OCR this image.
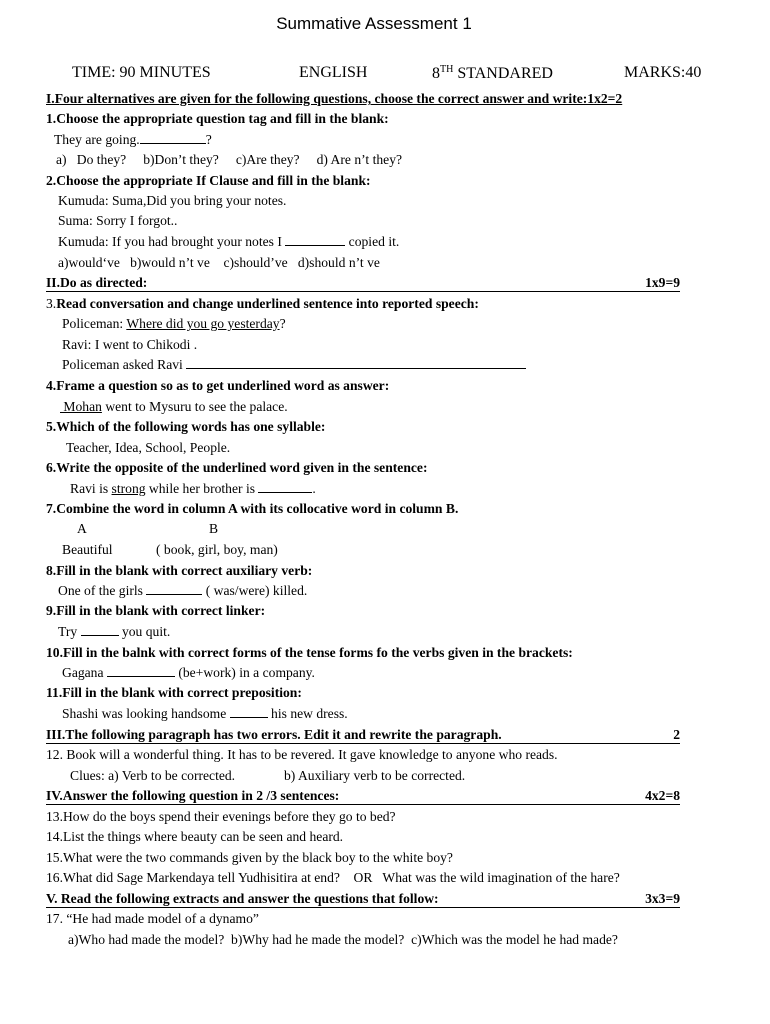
Summative Assessment 1
TIME: 90 MINUTES	ENGLISH	8TH STANDARED	MARKS:40
I.Four alternatives are given for the following questions, choose the correct answer and write:1x2=2
1.Choose the appropriate question tag and fill in the blank:
They are going.	?
a)   Do they?     b)Don’t they?     c)Are they?     d) Are n’t they?
2.Choose the appropriate If Clause and fill in the blank:
Kumuda: Suma,Did you bring your notes.
Suma: Sorry I forgot..
Kumuda: If you had brought your notes I	copied it.
a)would‘ve   b)would n’t ve    c)should’ve   d)should n’t ve
II.Do as directed:	1x9=9
3.Read conversation and change underlined sentence into reported speech:
Policeman: Where did you go yesterday?
Ravi: I went to Chikodi .
Policeman asked Ravi
4.Frame a question so as to get underlined word as answer:
Mohan went to Mysuru to see the palace.
5.Which of the following words has one syllable:
Teacher, Idea, School, People.
6.Write the opposite of the underlined word given in the sentence:
Ravi is strong while her brother is	.
7.Combine the word in column A with its collocative word in column B.
A	B
Beautiful	( book, girl, boy, man)
8.Fill in the blank with correct auxiliary verb:
One of the girls	( was/were) killed.
9.Fill in the blank with correct linker:
Try	you quit.
10.Fill in the balnk with correct forms of the tense forms fo the verbs given in the brackets:
Gagana	(be+work) in a company.
11.Fill in the blank with correct preposition:
Shashi was looking handsome	his new dress.
III.The following paragraph has two errors. Edit it and rewrite the paragraph.	2
12. Book will a wonderful thing. It has to be revered. It gave knowledge to anyone who reads.
Clues: a) Verb to be corrected.	b) Auxiliary verb to be corrected.
IV.Answer the following question in 2 /3 sentences:	4x2=8
13.How do the boys spend their evenings before they go to bed?
14.List the things where beauty can be seen and heard.
15.What were the two commands given by the black boy to the white boy?
16.What did Sage Markendaya tell Yudhisitira at end?    OR   What was the wild imagination of the hare?
V. Read the following extracts and answer the questions that follow:	3x3=9
17. “He had made model of a dynamo”
a)Who had made the model?  b)Why had he made the model?  c)Which was the model he had made?
